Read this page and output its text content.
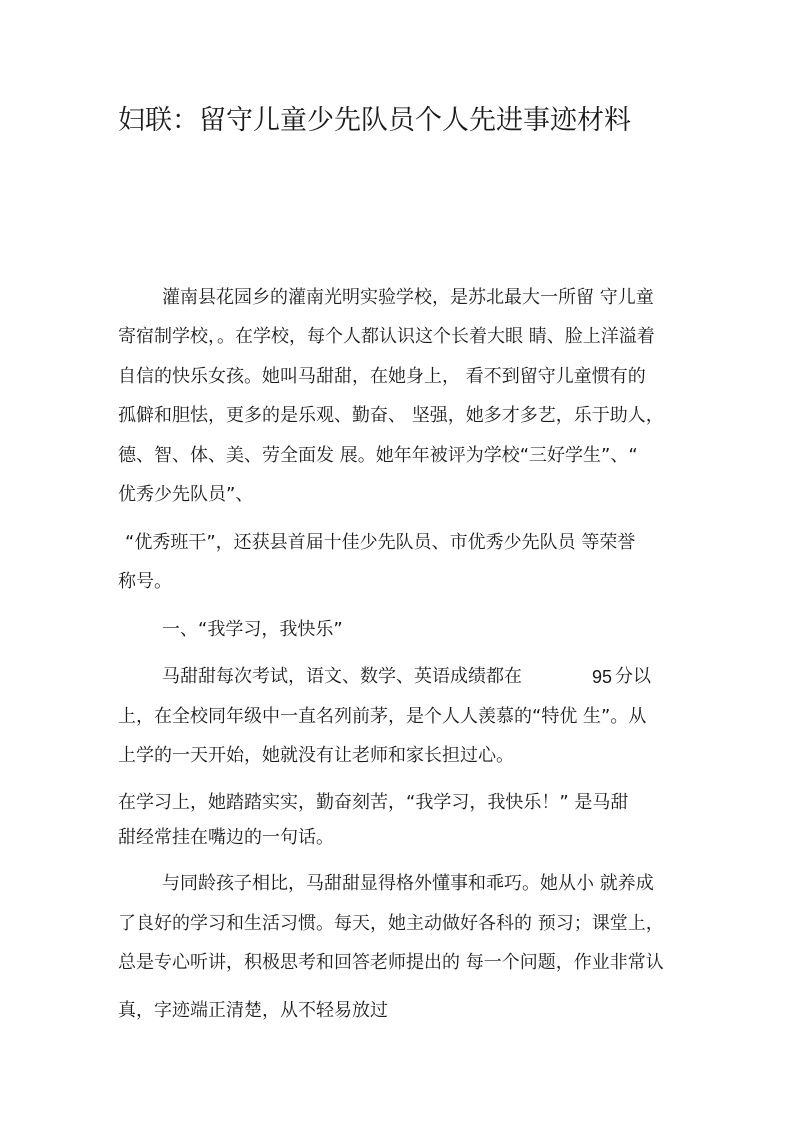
妇联：留守儿童少先队员个人先进事迹材料

灌南县花园乡的灌南光明实验学校，是苏北最大一所留 守儿童

寄宿制学校，。在学校，每个人都认识这个长着大眼 睛、脸上洋溢着

自信的快乐女孩。她叫马甜甜，在她身上， 看不到留守儿童惯有的

孤僻和胆怯，更多的是乐观、勤奋、 坚强，她多才多艺，乐于助人，

德、智、体、美、劳全面发 展。她年年被评为学校“三好学生”、“

优秀少先队员”、

“优秀班干”，还获县首届十佳少先队员、市优秀少先队员 等荣誉

称号。

一、“我学习，我快乐”

马甜甜每次考试，语文、数学、英语成绩都在	95 分以

上，在全校同年级中一直名列前茅，是个人人羡慕的“特优 生”。从

上学的一天开始，她就没有让老师和家长担过心。

在学习上，她踏踏实实，勤奋刻苦，“我学习，我快乐！” 是马甜

甜经常挂在嘴边的一句话。

与同龄孩子相比，马甜甜显得格外懂事和乖巧。她从小 就养成

了良好的学习和生活习惯。每天，她主动做好各科的 预习；课堂上，

总是专心听讲，积极思考和回答老师提出的 每一个问题，作业非常认

真，字迹端正清楚，从不轻易放过
